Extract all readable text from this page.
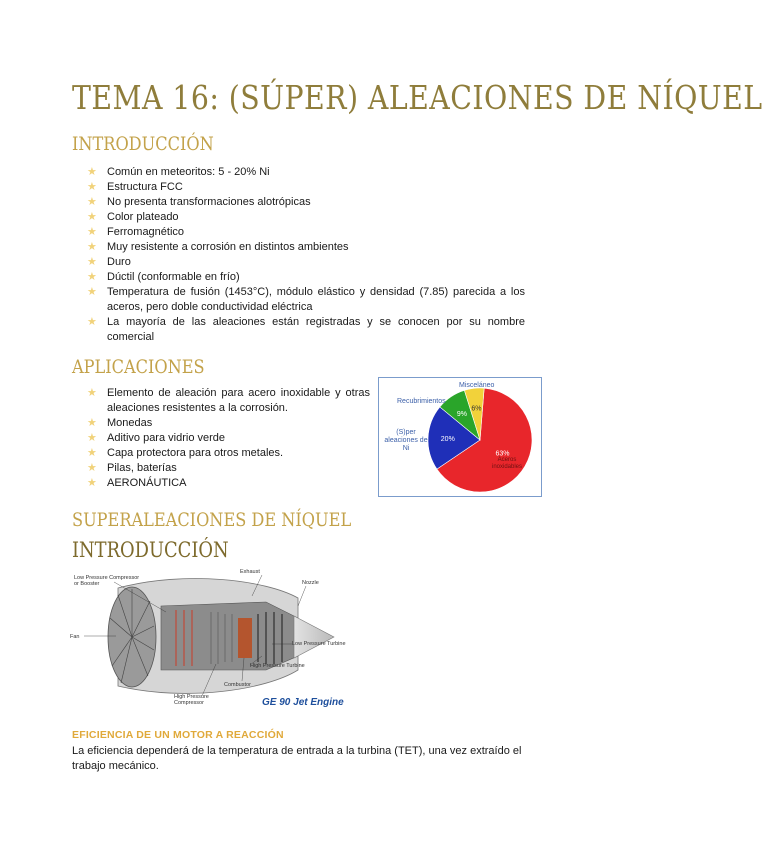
TEMA 16: (SÚPER) ALEACIONES DE NÍQUEL
INTRODUCCIÓN
★ Común en meteoritos: 5 - 20% Ni
★ Estructura FCC
★ No presenta transformaciones alotrópicas
★ Color plateado
★ Ferromagnético
★ Muy resistente a corrosión en distintos ambientes
★ Duro
★ Dúctil (conformable en frío)
★ Temperatura de fusión (1453°C), módulo elástico y densidad (7.85) parecida a los aceros, pero doble conductividad eléctrica
★ La mayoría de las aleaciones están registradas y se conocen por su nombre comercial
APLICACIONES
★ Elemento de aleación para acero inoxidable y otras aleaciones resistentes a la corrosión.
★ Monedas
★ Aditivo para vidrio verde
★ Capa protectora para otros metales.
★ Pilas, baterías
★ AERONÁUTICA
63%
20%
9%
6%
Misceláneo
Recubrimientos
(S)per
aleaciones de
Ni
Aceros inoxidables
SUPERALEACIONES DE NÍQUEL
INTRODUCCIÓN
Low Pressure Compressor
or Booster
Exhaust
Nozzle
Fan
Low Pressure Turbine
High Pressure Turbine
Combustor
High Pressure
Compressor	GE 90 Jet Engine
EFICIENCIA DE UN MOTOR A REACCIÓN

La eficiencia dependerá de la temperatura de entrada a la turbina (TET), una vez extraído el trabajo mecánico.
